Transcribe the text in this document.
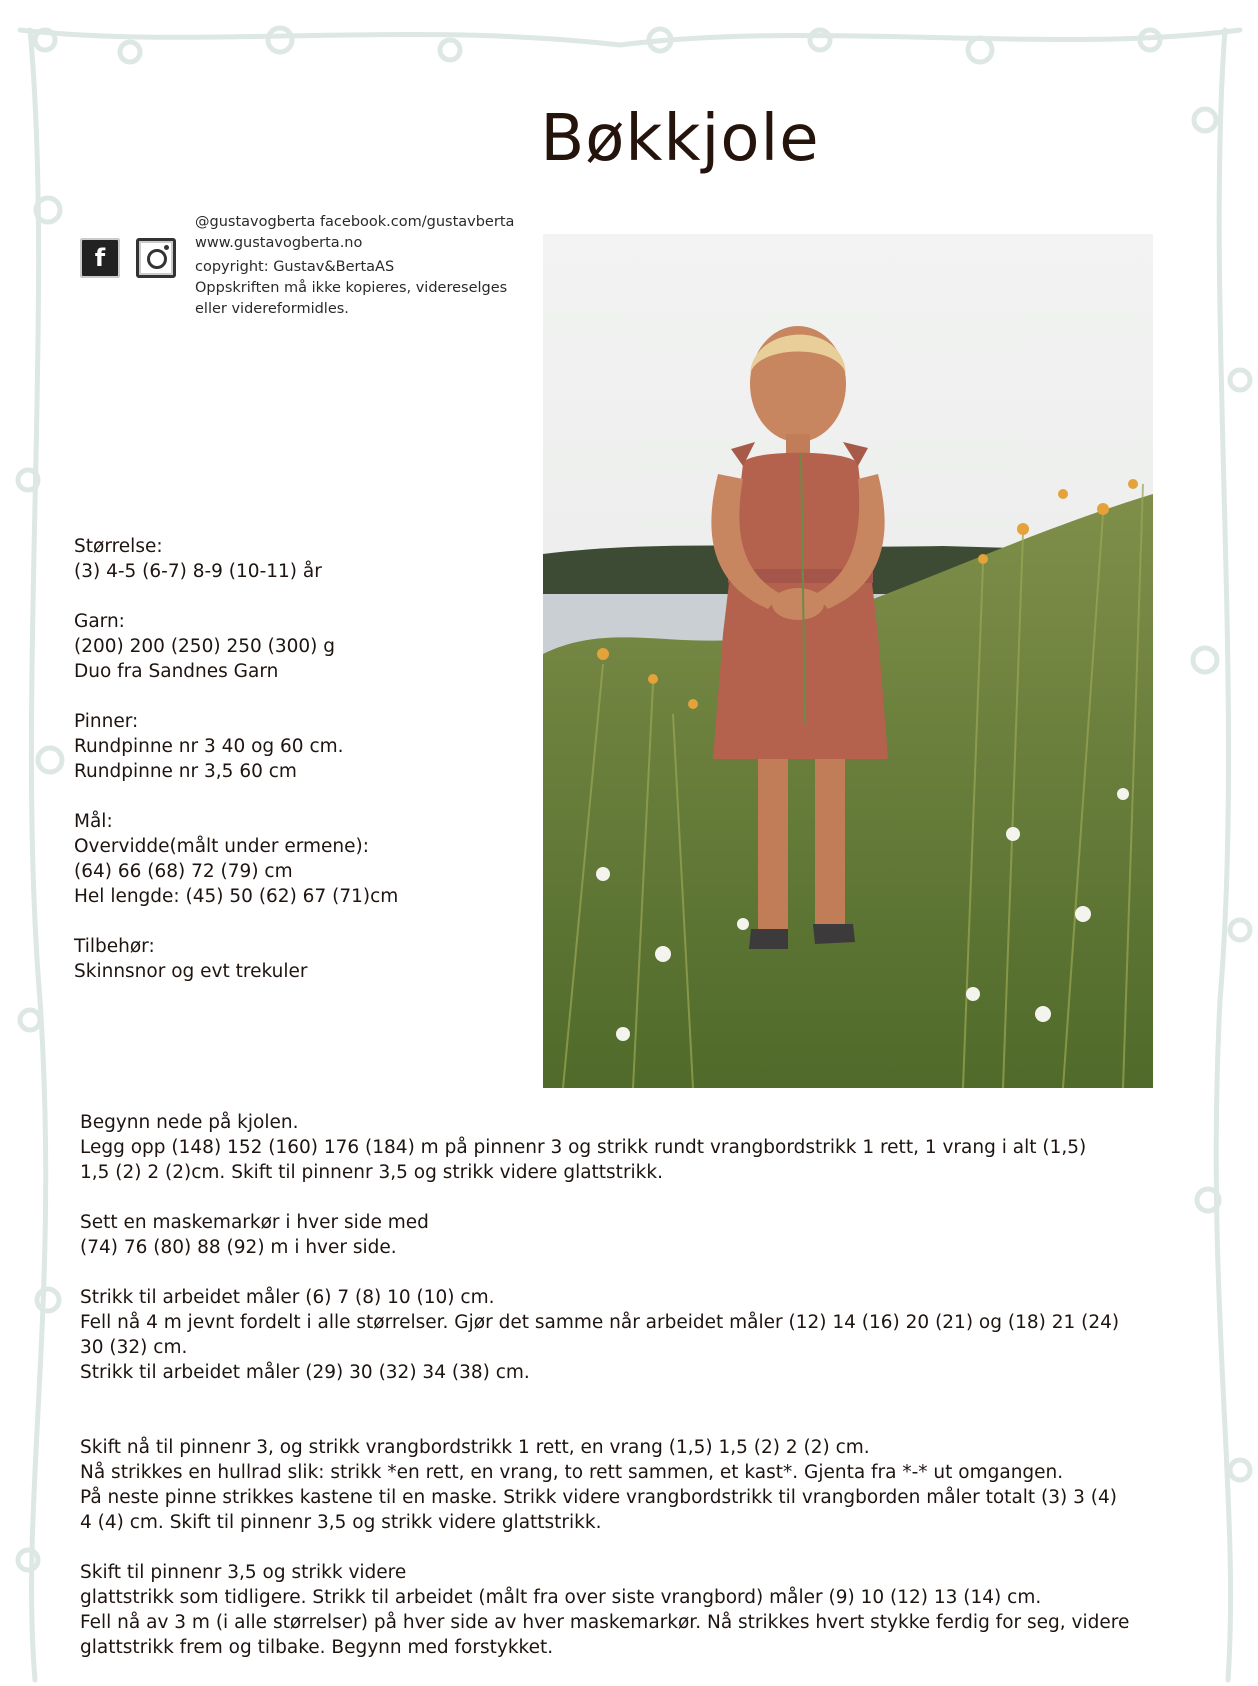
Bøkkjole
f
@gustavogberta facebook.com/gustavberta
www.gustavogberta.no
copyright: Gustav&BertaAS
Oppskriften må ikke kopieres, videreselges
eller videreformidles.
Størrelse:
(3) 4-5 (6-7) 8-9 (10-11) år
Garn:
(200) 200 (250) 250 (300) g
Duo fra Sandnes Garn
Pinner:
Rundpinne nr 3 40 og 60 cm.
Rundpinne nr 3,5 60 cm
Mål:
Overvidde(målt under ermene):
(64) 66 (68) 72 (79) cm
Hel lengde: (45) 50 (62) 67 (71)cm
Tilbehør:
Skinnsnor og evt trekuler
Begynn nede på kjolen.
Legg opp (148) 152 (160) 176 (184) m på pinnenr 3 og strikk rundt vrangbordstrikk 1 rett, 1 vrang i alt (1,5)
1,5 (2) 2 (2)cm. Skift til pinnenr 3,5 og strikk videre glattstrikk.
Sett en maskemarkør i hver side med
(74) 76 (80) 88 (92) m i hver side.
Strikk til arbeidet måler (6) 7 (8) 10 (10) cm.
Fell nå 4 m jevnt fordelt i alle størrelser. Gjør det samme når arbeidet måler (12) 14 (16) 20 (21) og (18) 21 (24)
30 (32) cm.
Strikk til arbeidet måler (29) 30 (32) 34 (38) cm.
Skift nå til pinnenr 3, og strikk vrangbordstrikk 1 rett, en vrang (1,5) 1,5 (2) 2 (2) cm.
Nå strikkes en hullrad slik: strikk *en rett, en vrang, to rett sammen, et kast*. Gjenta fra *-* ut omgangen.
På neste pinne strikkes kastene til en maske. Strikk videre vrangbordstrikk til vrangborden måler totalt (3) 3 (4)
4 (4) cm. Skift til pinnenr 3,5 og strikk videre glattstrikk.
Skift til pinnenr 3,5 og strikk videre
glattstrikk som tidligere. Strikk til arbeidet (målt fra over siste vrangbord) måler (9) 10 (12) 13 (14) cm.
Fell nå av 3 m (i alle størrelser) på hver side av hver maskemarkør. Nå strikkes hvert stykke ferdig for seg, videre
glattstrikk frem og tilbake. Begynn med forstykket.
